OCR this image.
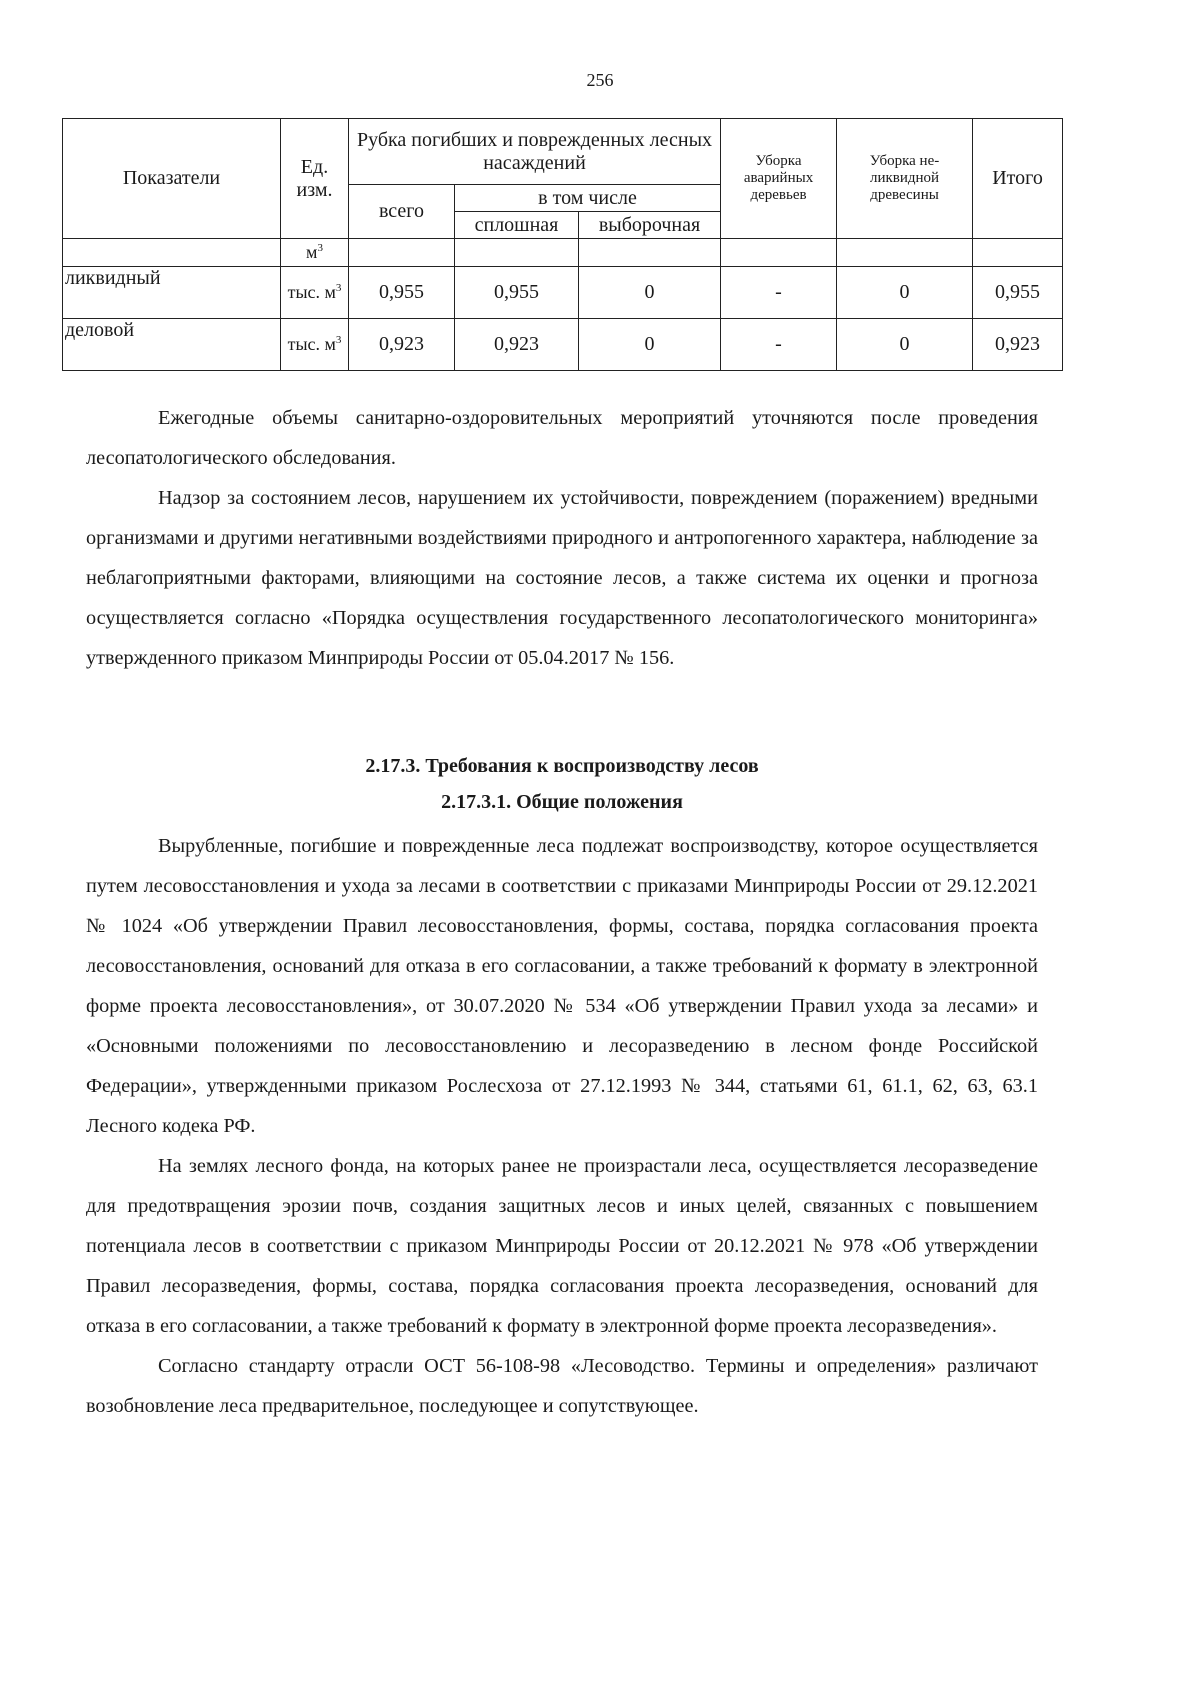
256
Показатели	Ед. изм.	Рубка погибших и поврежденных лесных насаждений			Уборка аварийных деревьев	Уборка не-ликвидной древесины	Итого
		всего	в том числе				
			сплошная	выборочная			
	$м^3$						
ликвидный	тыс. $м^3$	0,955	0,955	0	-	0	0,955
деловой	тыс. $м^3$	0,923	0,923	0	-	0	0,923

Ежегодные объемы санитарно-оздоровительных мероприятий уточняются после проведения лесопатологического обследования.

Надзор за состоянием лесов, нарушением их устойчивости, повреждением (поражением) вредными организмами и другими негативными воздействиями природного и антропогенного характера, наблюдение за неблагоприятными факторами, влияющими на состояние лесов, а также система их оценки и прогноза осуществляется согласно «Порядка осуществления государственного лесопатологического мониторинга» утвержденного приказом Минприроды России от 05.04.2017 № 156.

2.17.3. Требования к воспроизводству лесов

2.17.3.1. Общие положения

Вырубленные, погибшие и поврежденные леса подлежат воспроизводству, которое осуществляется путем лесовосстановления и ухода за лесами в соответствии с приказами Минприроды России от 29.12.2021 № 1024 «Об утверждении Правил лесовосстановления, формы, состава, порядка согласования проекта лесовосстановления, оснований для отказа в его согласовании, а также требований к формату в электронной форме проекта лесовосстановления», от 30.07.2020 № 534 «Об утверждении Правил ухода за лесами» и «Основными положениями по лесовосстановлению и лесоразведению в лесном фонде Российской Федерации», утвержденными приказом Рослесхоза от 27.12.1993 № 344, статьями 61, 61.1, 62, 63, 63.1 Лесного кодека РФ.

На землях лесного фонда, на которых ранее не произрастали леса, осуществляется лесоразведение для предотвращения эрозии почв, создания защитных лесов и иных целей, связанных с повышением потенциала лесов в соответствии с приказом Минприроды России от 20.12.2021 № 978 «Об утверждении Правил лесоразведения, формы, состава, порядка согласования проекта лесоразведения, оснований для отказа в его согласовании, а также требований к формату в электронной форме проекта лесоразведения».

Согласно стандарту отрасли ОСТ 56-108-98 «Лесоводство. Термины и определения» различают возобновление леса предварительное, последующее и сопутствующее.
